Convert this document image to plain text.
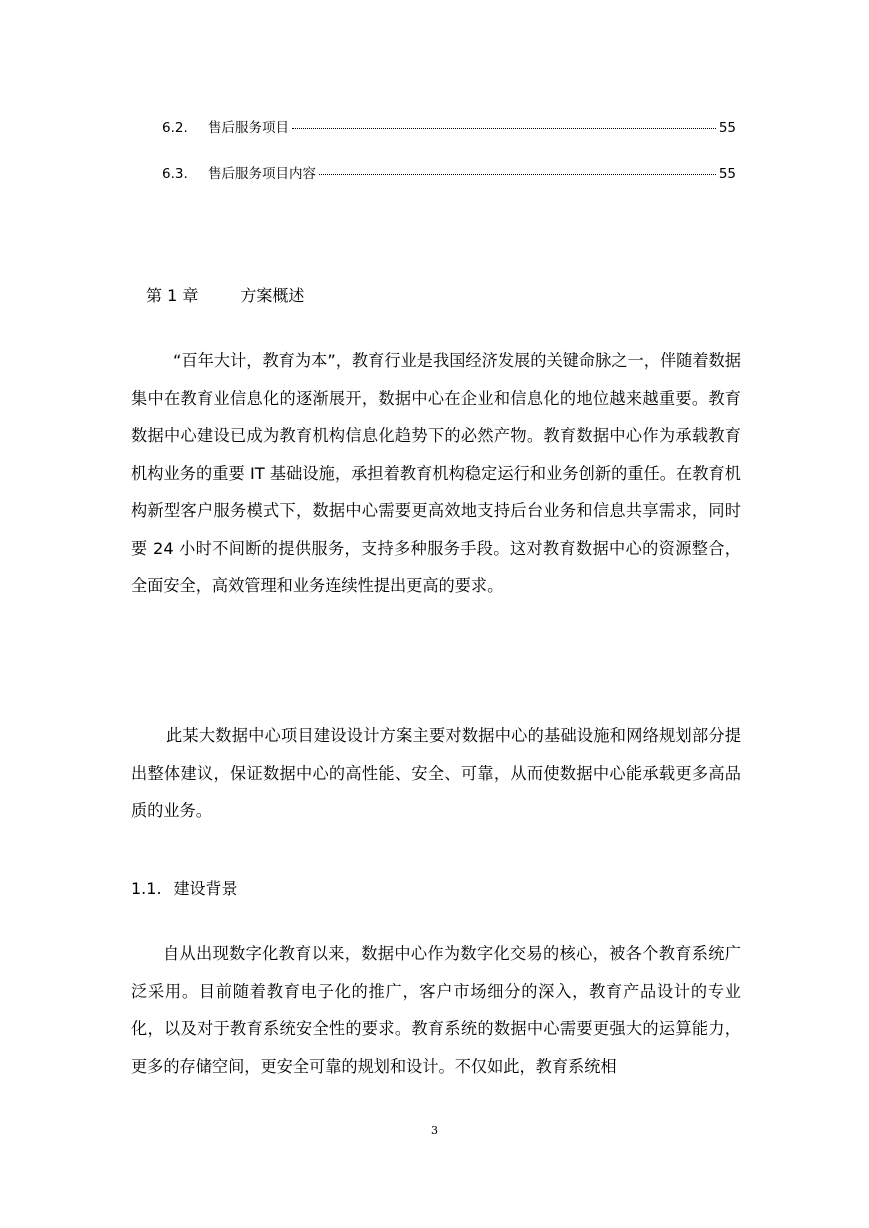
6.2.	售后服务项目	55
6.3.	售后服务项目内容	55
第 1 章	方案概述

“百年大计，教育为本”，教育行业是我国经济发展的关键命脉之一，伴随着数据集中在教育业信息化的逐渐展开，数据中心在企业和信息化的地位越来越重要。教育数据中心建设已成为教育机构信息化趋势下的必然产物。教育数据中心作为承载教育机构业务的重要 IT 基础设施，承担着教育机构稳定运行和业务创新的重任。在教育机构新型客户服务模式下，数据中心需要更高效地支持后台业务和信息共享需求，同时要 24 小时不间断的提供服务，支持多种服务手段。这对教育数据中心的资源整合，全面安全，高效管理和业务连续性提出更高的要求。

此某大数据中心项目建设设计方案主要对数据中心的基础设施和网络规划部分提出整体建议，保证数据中心的高性能、安全、可靠，从而使数据中心能承载更多高品质的业务。

1.1. 建设背景

自从出现数字化教育以来，数据中心作为数字化交易的核心，被各个教育系统广泛采用。目前随着教育电子化的推广，客户市场细分的深入，教育产品设计的专业化，以及对于教育系统安全性的要求。教育系统的数据中心需要更强大的运算能力，更多的存储空间，更安全可靠的规划和设计。不仅如此，教育系统相

3
